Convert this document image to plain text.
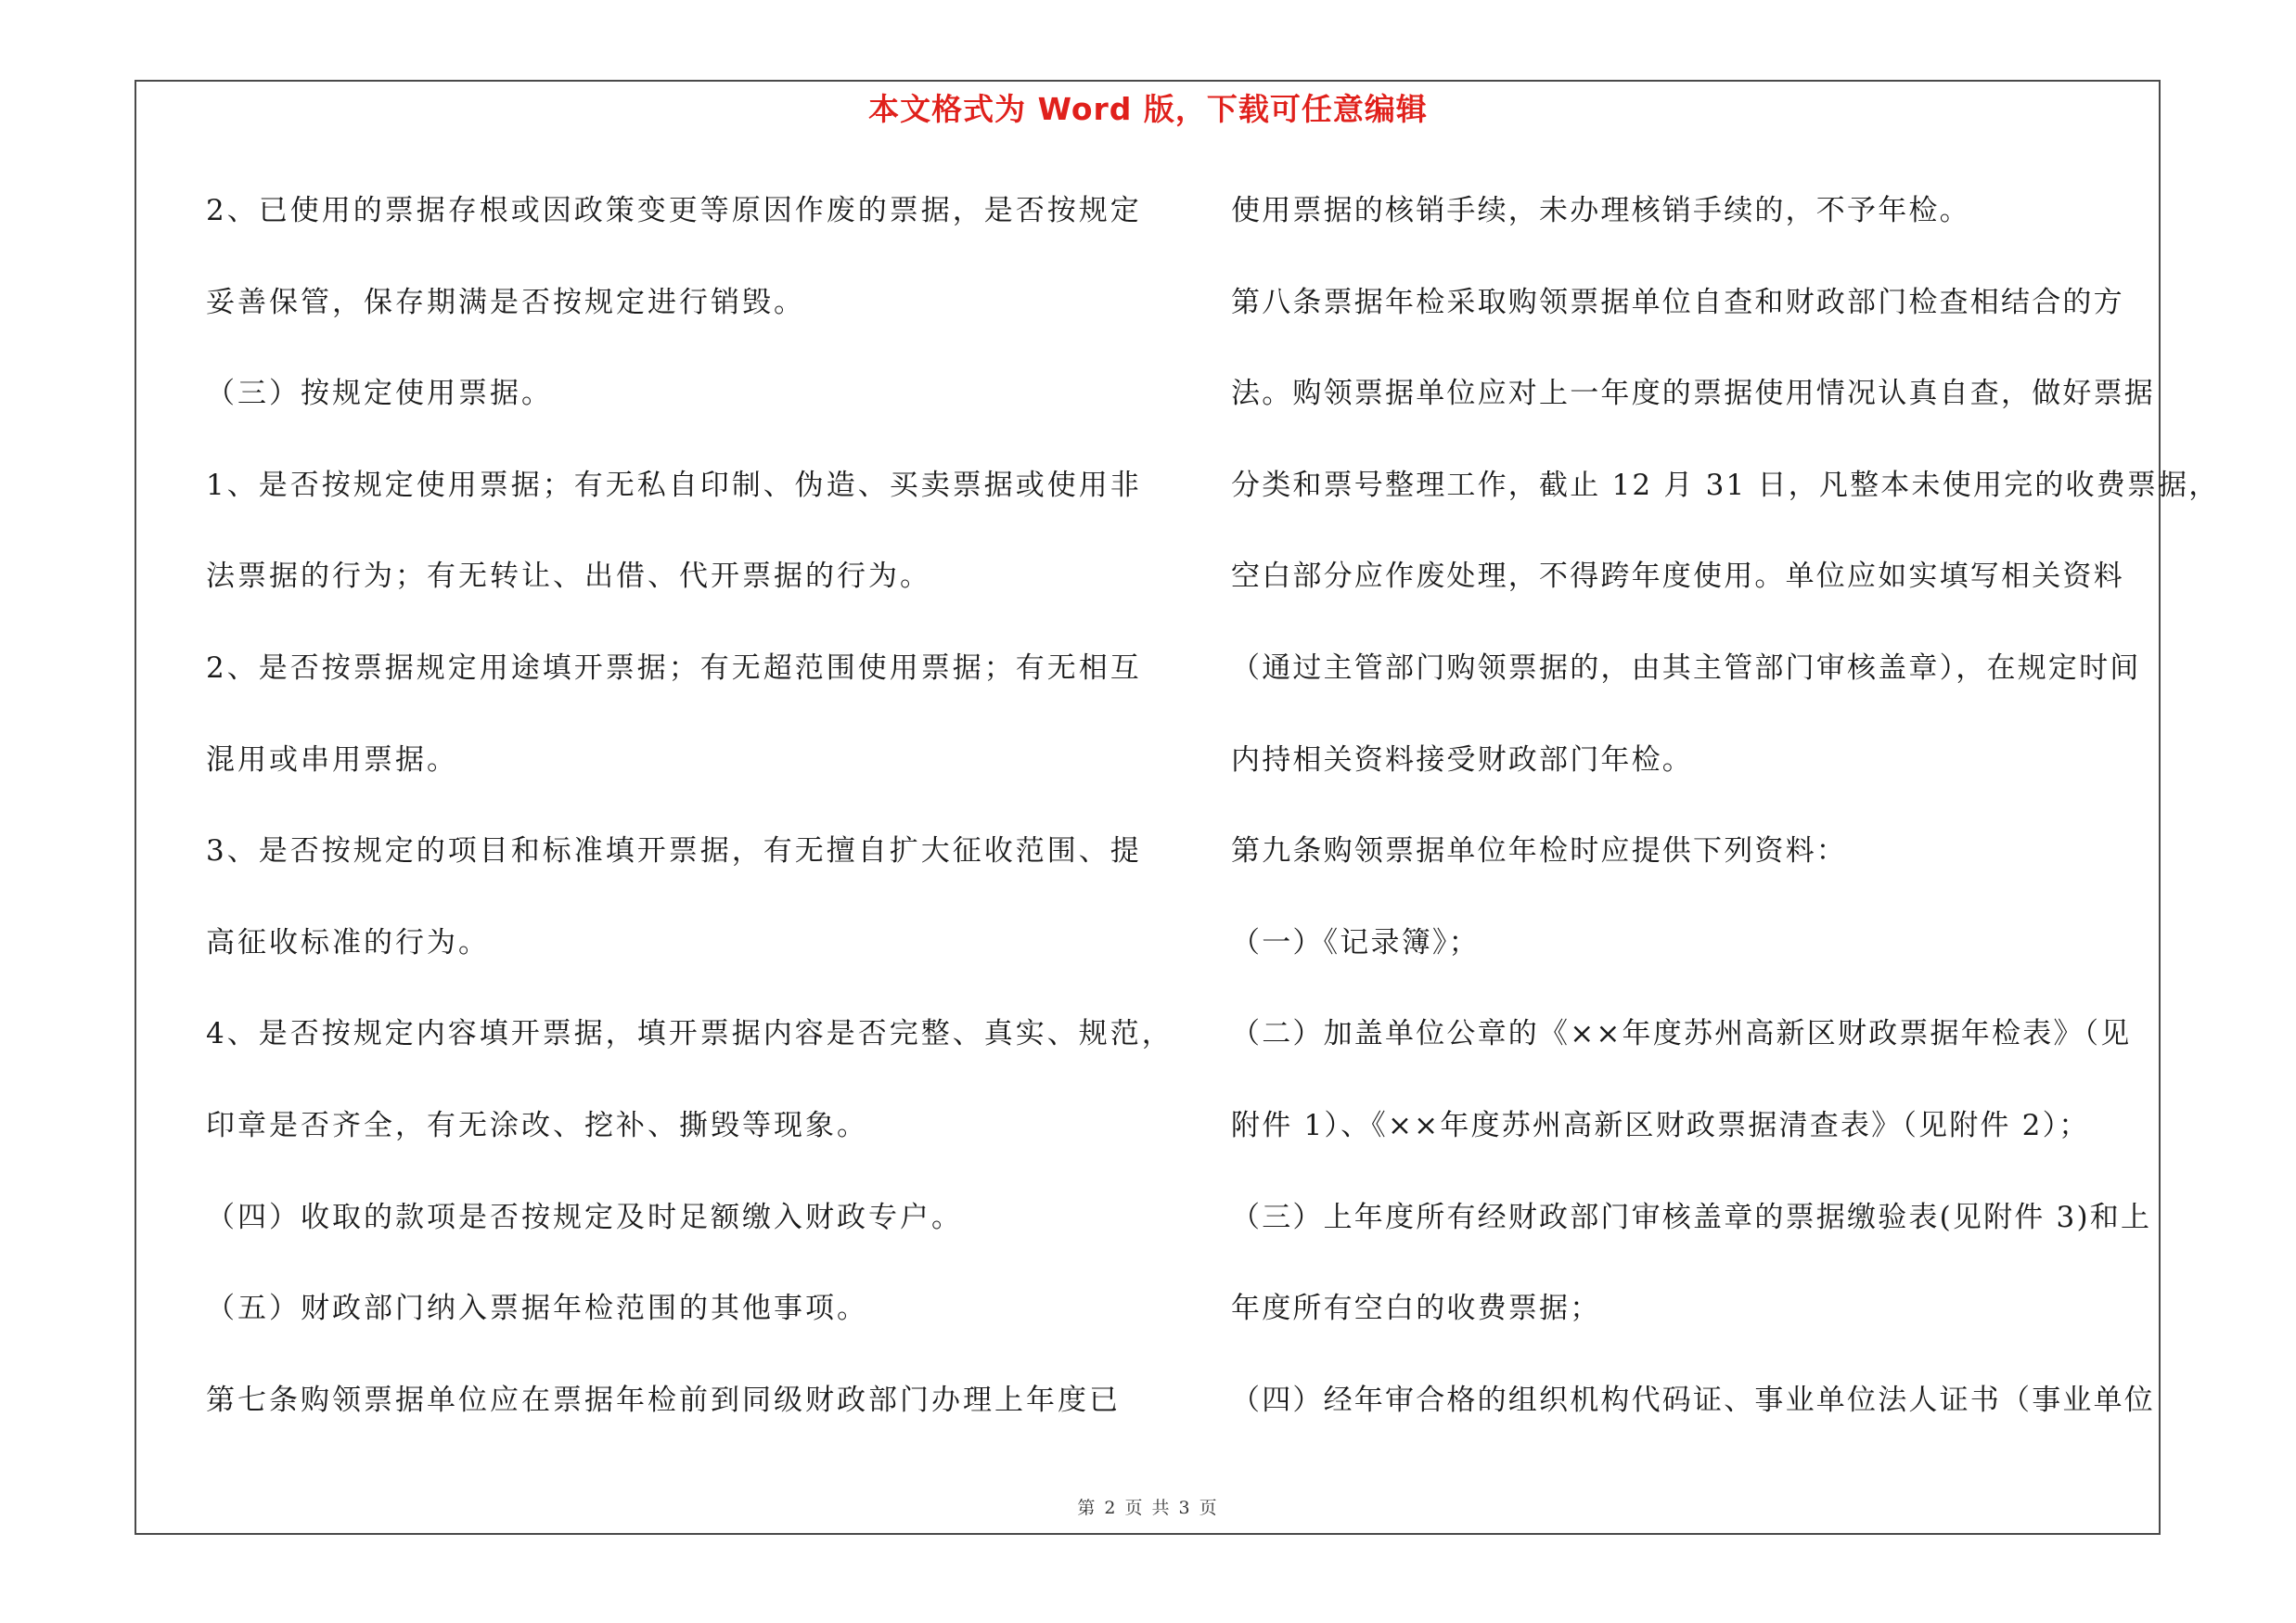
本文格式为 Word 版，下载可任意编辑
2、已使用的票据存根或因政策变更等原因作废的票据，是否按规定
妥善保管，保存期满是否按规定进行销毁。
（三）按规定使用票据。
1、是否按规定使用票据；有无私自印制、伪造、买卖票据或使用非
法票据的行为；有无转让、出借、代开票据的行为。
2、是否按票据规定用途填开票据；有无超范围使用票据；有无相互
混用或串用票据。
3、是否按规定的项目和标准填开票据，有无擅自扩大征收范围、提
高征收标准的行为。
4、是否按规定内容填开票据，填开票据内容是否完整、真实、规范，
印章是否齐全，有无涂改、挖补、撕毁等现象。
（四）收取的款项是否按规定及时足额缴入财政专户。
（五）财政部门纳入票据年检范围的其他事项。
第七条购领票据单位应在票据年检前到同级财政部门办理上年度已
使用票据的核销手续，未办理核销手续的，不予年检。
第八条票据年检采取购领票据单位自查和财政部门检查相结合的方
法。购领票据单位应对上一年度的票据使用情况认真自查，做好票据
分类和票号整理工作，截止 12 月 31 日，凡整本未使用完的收费票据，
空白部分应作废处理，不得跨年度使用。单位应如实填写相关资料
（通过主管部门购领票据的，由其主管部门审核盖章），在规定时间
内持相关资料接受财政部门年检。
第九条购领票据单位年检时应提供下列资料：
（一）《记录簿》；
（二）加盖单位公章的《××年度苏州高新区财政票据年检表》（见
附件 1）、《××年度苏州高新区财政票据清查表》（见附件 2）；
（三）上年度所有经财政部门审核盖章的票据缴验表(见附件 3)和上
年度所有空白的收费票据；
（四）经年审合格的组织机构代码证、事业单位法人证书（事业单位
第 2 页 共 3 页
